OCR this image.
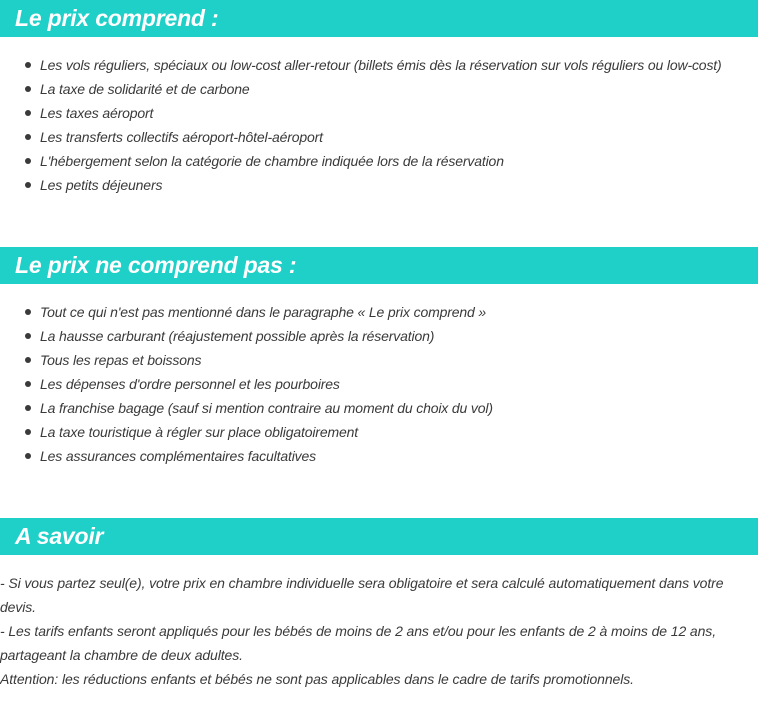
Le prix comprend :
Les vols réguliers, spéciaux ou low-cost aller-retour (billets émis dès la réservation sur vols réguliers ou low-cost)
La taxe de solidarité et de carbone
Les taxes aéroport
Les transferts collectifs aéroport-hôtel-aéroport
L'hébergement selon la catégorie de chambre indiquée lors de la réservation
Les petits déjeuners
Le prix ne comprend pas :
Tout ce qui n'est pas mentionné dans le paragraphe « Le prix comprend »
La hausse carburant (réajustement possible après la réservation)
Tous les repas et boissons
Les dépenses d'ordre personnel et les pourboires
La franchise bagage (sauf si mention contraire au moment du choix du vol)
La taxe touristique à régler sur place obligatoirement
Les assurances complémentaires facultatives
A savoir

- Si vous partez seul(e), votre prix en chambre individuelle sera obligatoire et sera calculé automatiquement dans votre devis.

- Les tarifs enfants seront appliqués pour les bébés de moins de 2 ans et/ou pour les enfants de 2 à moins de 12 ans, partageant la chambre de deux adultes.

Attention: les réductions enfants et bébés ne sont pas applicables dans le cadre de tarifs promotionnels.
